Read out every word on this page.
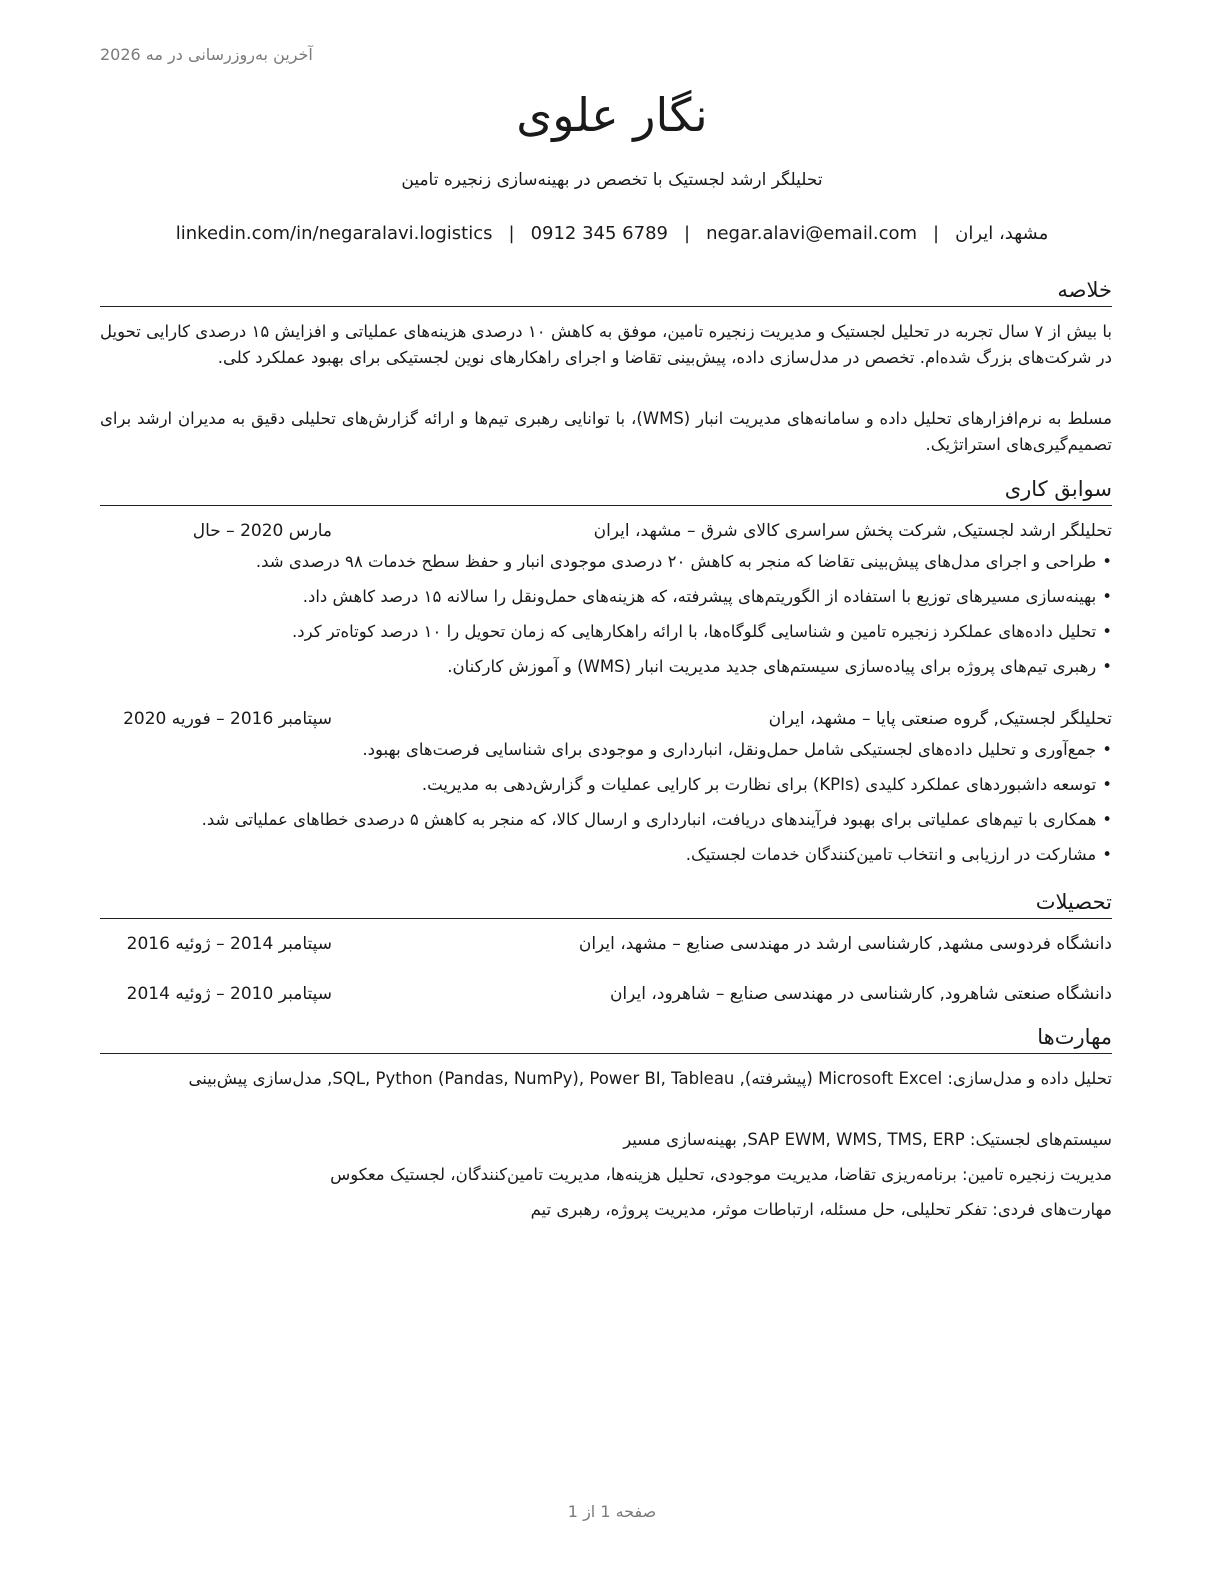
آخرین به‌روزرسانی در مه 2026
نگار علوی
تحلیلگر ارشد لجستیک با تخصص در بهینه‌سازی زنجیره تامین
مشهد، ایران|negar.alavi@email.com|0912 345 6789|linkedin.com/in/negaralavi.logistics
خلاصه
با بیش از ۷ سال تجربه در تحلیل لجستیک و مدیریت زنجیره تامین، موفق به کاهش ۱۰ درصدی هزینه‌های عملیاتی و افزایش ۱۵ درصدی کارایی تحویل در شرکت‌های بزرگ شده‌ام. تخصص در مدل‌سازی داده، پیش‌بینی تقاضا و اجرای راهکارهای نوین لجستیکی برای بهبود عملکرد کلی.
مسلط به نرم‌افزارهای تحلیل داده و سامانه‌های مدیریت انبار (WMS)، با توانایی رهبری تیم‌ها و ارائه گزارش‌های تحلیلی دقیق به مدیران ارشد برای تصمیم‌گیری‌های استراتژیک.
سوابق کاری
تحلیلگر ارشد لجستیک, شرکت پخش سراسری کالای شرق – مشهد، ایران
مارس 2020 – حال
• طراحی و اجرای مدل‌های پیش‌بینی تقاضا که منجر به کاهش ۲۰ درصدی موجودی انبار و حفظ سطح خدمات ۹۸ درصدی شد.
• بهینه‌سازی مسیرهای توزیع با استفاده از الگوریتم‌های پیشرفته، که هزینه‌های حمل‌ونقل را سالانه ۱۵ درصد کاهش داد.
• تحلیل داده‌های عملکرد زنجیره تامین و شناسایی گلوگاه‌ها، با ارائه راهکارهایی که زمان تحویل را ۱۰ درصد کوتاه‌تر کرد.
• رهبری تیم‌های پروژه برای پیاده‌سازی سیستم‌های جدید مدیریت انبار (WMS) و آموزش کارکنان.
تحلیلگر لجستیک, گروه صنعتی پایا – مشهد، ایران
سپتامبر 2016 – فوریه 2020
• جمع‌آوری و تحلیل داده‌های لجستیکی شامل حمل‌ونقل، انبارداری و موجودی برای شناسایی فرصت‌های بهبود.
• توسعه داشبوردهای عملکرد کلیدی (KPIs) برای نظارت بر کارایی عملیات و گزارش‌دهی به مدیریت.
• همکاری با تیم‌های عملیاتی برای بهبود فرآیندهای دریافت، انبارداری و ارسال کالا، که منجر به کاهش ۵ درصدی خطاهای عملیاتی شد.
• مشارکت در ارزیابی و انتخاب تامین‌کنندگان خدمات لجستیک.
تحصیلات
دانشگاه فردوسی مشهد, کارشناسی ارشد در مهندسی صنایع – مشهد، ایران
سپتامبر 2014 – ژوئیه 2016
دانشگاه صنعتی شاهرود, کارشناسی در مهندسی صنایع – شاهرود، ایران
سپتامبر 2010 – ژوئیه 2014
مهارت‌ها
تحلیل داده و مدل‌سازی: Microsoft Excel (پیشرفته), SQL, Python (Pandas, NumPy), Power BI, Tableau, مدل‌سازی پیش‌بینی
سیستم‌های لجستیک: SAP EWM, WMS, TMS, ERP, بهینه‌سازی مسیر
مدیریت زنجیره تامین: برنامه‌ریزی تقاضا، مدیریت موجودی، تحلیل هزینه‌ها، مدیریت تامین‌کنندگان، لجستیک معکوس
مهارت‌های فردی: تفکر تحلیلی، حل مسئله، ارتباطات موثر، مدیریت پروژه، رهبری تیم
صفحه 1 از 1
